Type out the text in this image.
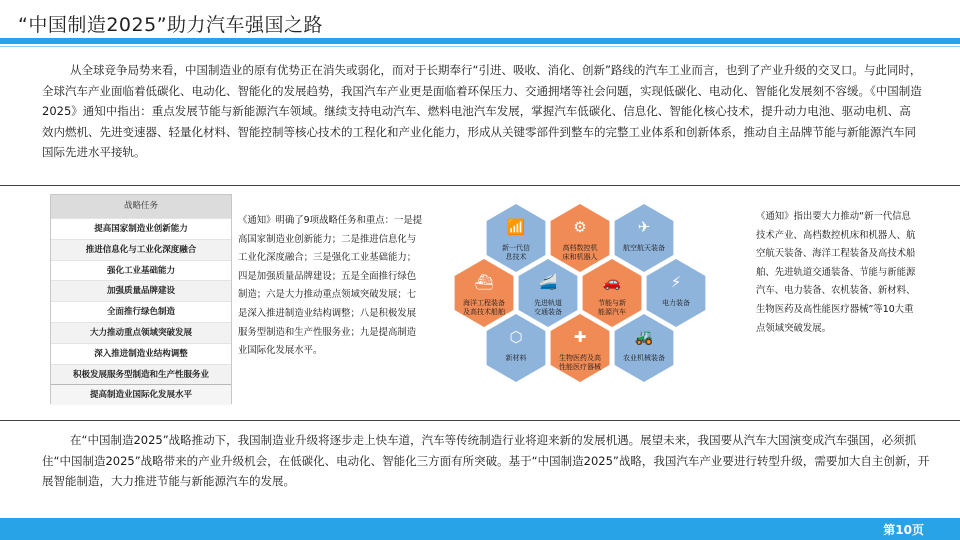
“中国制造2025”助力汽车强国之路
从全球竞争局势来看，中国制造业的原有优势正在消失或弱化，而对于长期奉行“引进、吸收、消化、创新”路线的汽车工业而言，也到了产业升级的交叉口。与此同时，全球汽车产业面临着低碳化、电动化、智能化的发展趋势，我国汽车产业更是面临着环保压力、交通拥堵等社会问题，实现低碳化、电动化、智能化发展刻不容缓。《中国制造2025》通知中指出：重点发展节能与新能源汽车领域。继续支持电动汽车、燃料电池汽车发展，掌握汽车低碳化、信息化、智能化核心技术，提升动力电池、驱动电机、高效内燃机、先进变速器、轻量化材料、智能控制等核心技术的工程化和产业化能力，形成从关键零部件到整车的完整工业体系和创新体系，推动自主品牌节能与新能源汽车同国际先进水平接轨。
战略任务
提高国家制造业创新能力
推进信息化与工业化深度融合
强化工业基础能力
加强质量品牌建设
全面推行绿色制造
大力推动重点领域突破发展
深入推进制造业结构调整
积极发展服务型制造和生产性服务业
提高制造业国际化发展水平
《通知》明确了9项战略任务和重点：一是提高国家制造业创新能力；二是推进信息化与工业化深度融合；三是强化工业基础能力；四是加强质量品牌建设；五是全面推行绿色制造；六是大力推动重点领域突破发展；七是深入推进制造业结构调整；八是积极发展服务型制造和生产性服务业；九是提高制造业国际化发展水平。
📶
新一代信息技术
⚙
高档数控机床和机器人
✈
航空航天装备
⛴
海洋工程装备及高技术船舶
🚄
先进轨道交通装备
🚗
节能与新能源汽车
⚡
电力装备
⬡
新材料
✚
生物医药及高性能医疗器械
🚜
农业机械装备
《通知》指出要大力推动“新一代信息技术产业、高档数控机床和机器人、航空航天装备、海洋工程装备及高技术船舶、先进轨道交通装备、节能与新能源汽车、电力装备、农机装备、新材料、生物医药及高性能医疗器械”等10大重点领域突破发展。
在“中国制造2025”战略推动下，我国制造业升级将逐步走上快车道，汽车等传统制造行业将迎来新的发展机遇。展望未来，我国要从汽车大国演变成汽车强国，必须抓住“中国制造2025”战略带来的产业升级机会，在低碳化、电动化、智能化三方面有所突破。基于“中国制造2025”战略，我国汽车产业要进行转型升级，需要加大自主创新，开展智能制造，大力推进节能与新能源汽车的发展。
第10页
